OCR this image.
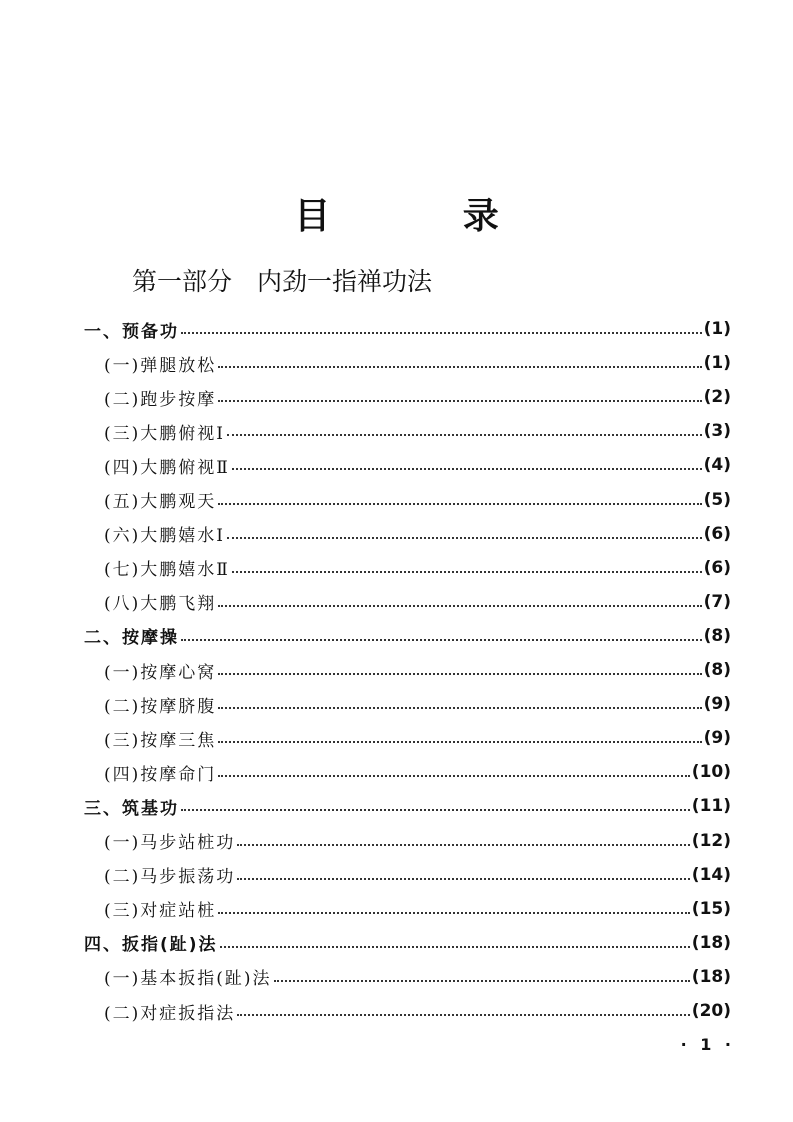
目 录
第一部分　内劲一指禅功法
一、预备功	(1)
(一)弹腿放松	(1)
(二)跑步按摩	(2)
(三)大鹏俯视Ⅰ	(3)
(四)大鹏俯视Ⅱ	(4)
(五)大鹏观天	(5)
(六)大鹏嬉水Ⅰ	(6)
(七)大鹏嬉水Ⅱ	(6)
(八)大鹏飞翔	(7)
二、按摩操	(8)
(一)按摩心窝	(8)
(二)按摩脐腹	(9)
(三)按摩三焦	(9)
(四)按摩命门	(10)
三、筑基功	(11)
(一)马步站桩功	(12)
(二)马步振荡功	(14)
(三)对症站桩	(15)
四、扳指(趾)法	(18)
(一)基本扳指(趾)法	(18)
(二)对症扳指法	(20)
· 1 ·
